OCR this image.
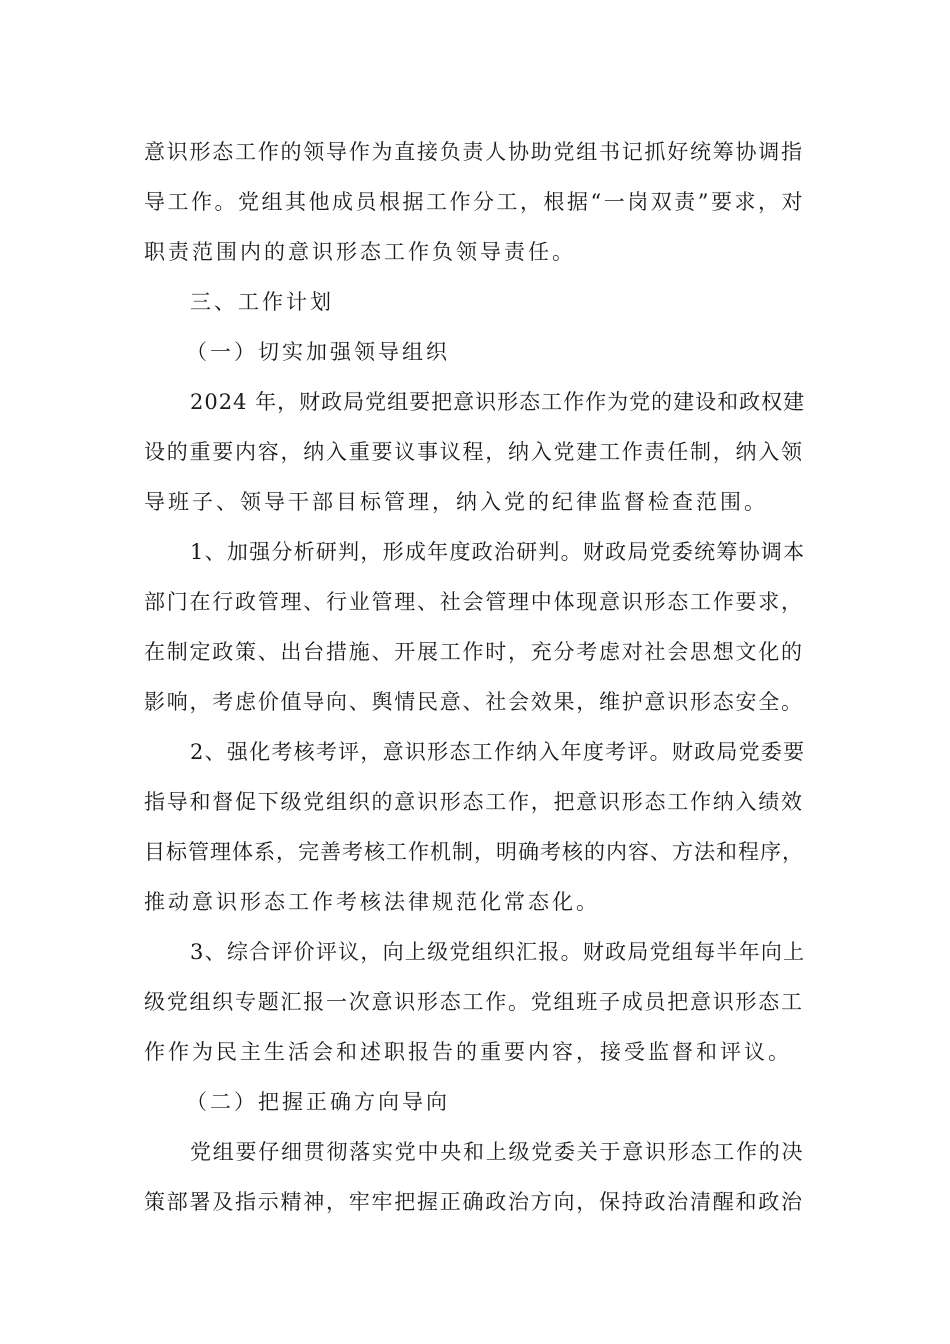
意识形态工作的领导作为直接负责人协助党组书记抓好统筹协调指
导工作。党组其他成员根据工作分工，根据“一岗双责”要求，对
职责范围内的意识形态工作负领导责任。
三、工作计划
（一）切实加强领导组织
2024 年，财政局党组要把意识形态工作作为党的建设和政权建
设的重要内容，纳入重要议事议程，纳入党建工作责任制，纳入领
导班子、领导干部目标管理，纳入党的纪律监督检查范围。
1、加强分析研判，形成年度政治研判。财政局党委统筹协调本
部门在行政管理、行业管理、社会管理中体现意识形态工作要求，
在制定政策、出台措施、开展工作时，充分考虑对社会思想文化的
影响，考虑价值导向、舆情民意、社会效果，维护意识形态安全。
2、强化考核考评，意识形态工作纳入年度考评。财政局党委要
指导和督促下级党组织的意识形态工作，把意识形态工作纳入绩效
目标管理体系，完善考核工作机制，明确考核的内容、方法和程序，
推动意识形态工作考核法律规范化常态化。
3、综合评价评议，向上级党组织汇报。财政局党组每半年向上
级党组织专题汇报一次意识形态工作。党组班子成员把意识形态工
作作为民主生活会和述职报告的重要内容，接受监督和评议。
（二）把握正确方向导向
党组要仔细贯彻落实党中央和上级党委关于意识形态工作的决
策部署及指示精神，牢牢把握正确政治方向，保持政治清醒和政治
